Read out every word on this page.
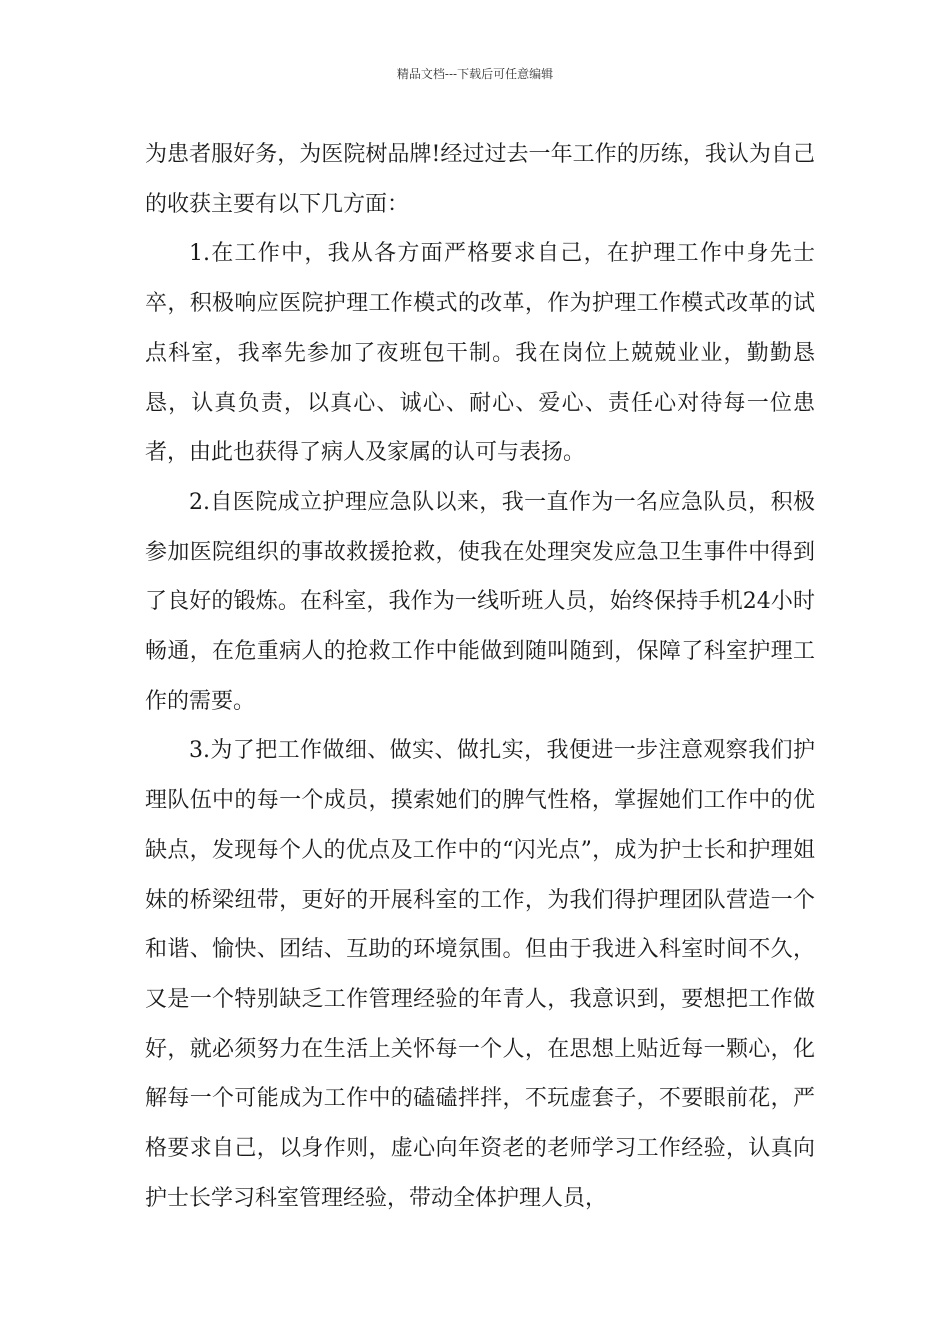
精品文档---下载后可任意编辑

为患者服好务，为医院树品牌!经过过去一年工作的历练，我认为自己的收获主要有以下几方面：

1.在工作中，我从各方面严格要求自己，在护理工作中身先士卒，积极响应医院护理工作模式的改革，作为护理工作模式改革的试点科室，我率先参加了夜班包干制。我在岗位上兢兢业业，勤勤恳恳，认真负责，以真心、诚心、耐心、爱心、责任心对待每一位患者，由此也获得了病人及家属的认可与表扬。

2.自医院成立护理应急队以来，我一直作为一名应急队员，积极参加医院组织的事故救援抢救，使我在处理突发应急卫生事件中得到了良好的锻炼。在科室，我作为一线听班人员，始终保持手机24小时畅通，在危重病人的抢救工作中能做到随叫随到，保障了科室护理工作的需要。

3.为了把工作做细、做实、做扎实，我便进一步注意观察我们护理队伍中的每一个成员，摸索她们的脾气性格，掌握她们工作中的优缺点，发现每个人的优点及工作中的“闪光点”，成为护士长和护理姐妹的桥梁纽带，更好的开展科室的工作，为我们得护理团队营造一个和谐、愉快、团结、互助的环境氛围。但由于我进入科室时间不久，又是一个特别缺乏工作管理经验的年青人，我意识到，要想把工作做好，就必须努力在生活上关怀每一个人，在思想上贴近每一颗心，化解每一个可能成为工作中的磕磕拌拌，不玩虚套子，不要眼前花，严格要求自己，以身作则，虚心向年资老的老师学习工作经验，认真向护士长学习科室管理经验，带动全体护理人员，
